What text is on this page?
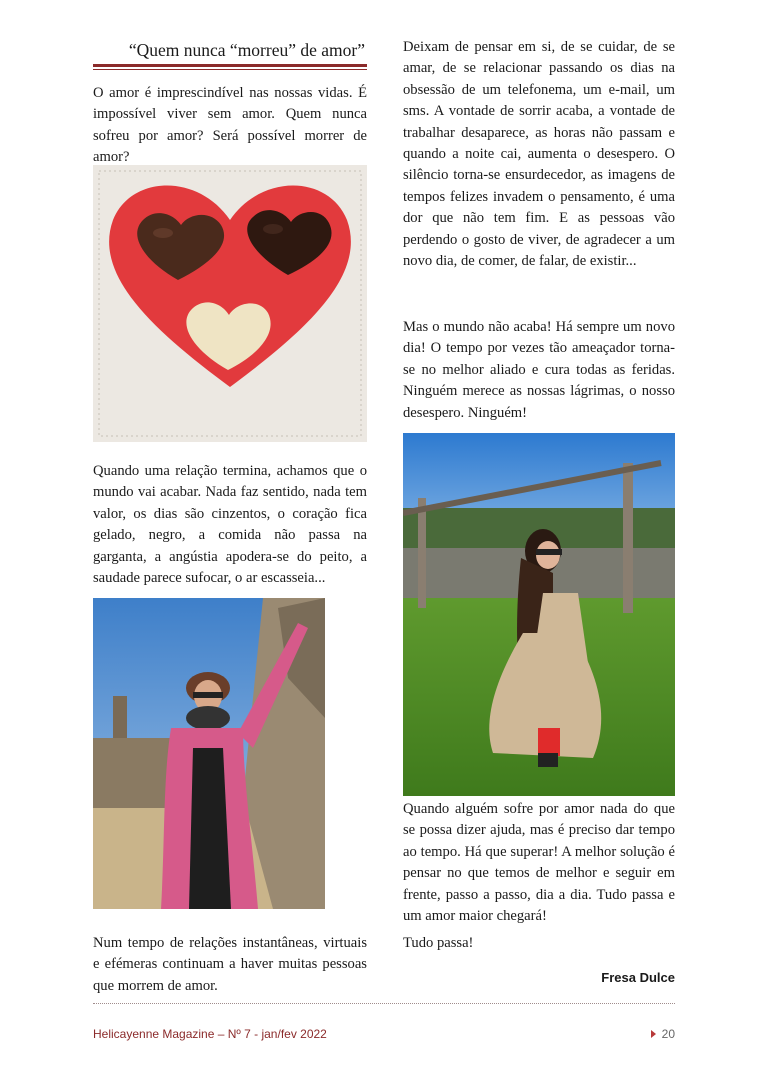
“Quem nunca “morreu” de amor”

O amor é imprescindível nas nossas vidas. É impossível viver sem amor. Quem nunca sofreu por amor? Será possível morrer de amor?

Quando uma relação termina, achamos que o mundo vai acabar. Nada faz sentido, nada tem valor, os dias são cinzentos, o coração fica gelado, negro, a comida não passa na garganta, a angústia apodera-se do peito, a saudade parece sufocar, o ar escasseia...

Num tempo de relações instantâneas, virtuais e efémeras continuam a haver muitas pessoas que morrem de amor.

Deixam de pensar em si, de se cuidar, de se amar, de se relacionar passando os dias na obsessão de um telefonema, um e-mail, um sms. A vontade de sorrir acaba, a vontade de trabalhar desaparece, as horas não passam e quando a noite cai, aumenta o desespero. O silêncio torna-se ensurdecedor, as imagens de tempos felizes invadem o pensamento, é uma dor que não tem fim. E as pessoas vão perdendo o gosto de viver, de agradecer a um novo dia, de comer, de falar, de existir...

Mas o mundo não acaba! Há sempre um novo dia! O tempo por vezes tão ameaçador torna-se no melhor aliado e cura todas as feridas. Ninguém merece as nossas lágrimas, o nosso desespero. Ninguém!

Quando alguém sofre por amor nada do que se possa dizer ajuda, mas é preciso dar tempo ao tempo. Há que superar! A melhor solução é pensar no que temos de melhor e seguir em frente, passo a passo, dia a dia. Tudo passa e um amor maior chegará!

Tudo passa!

Fresa Dulce
Helicayenne Magazine – Nº 7 - jan/fev 2022	20
